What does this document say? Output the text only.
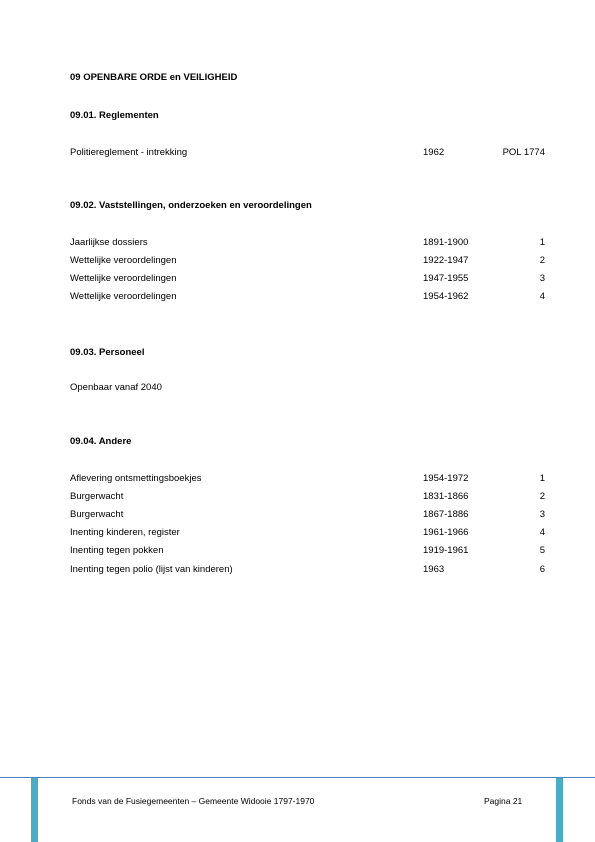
09 OPENBARE ORDE en VEILIGHEID
09.01. Reglementen
Politiereglement - intrekking	1962	POL 1774
09.02. Vaststellingen, onderzoeken en veroordelingen
Jaarlijkse dossiers	1891-1900	1
Wettelijke veroordelingen	1922-1947	2
Wettelijke veroordelingen	1947-1955	3
Wettelijke veroordelingen	1954-1962	4
09.03. Personeel
Openbaar vanaf 2040
09.04. Andere
Aflevering ontsmettingsboekjes	1954-1972	1
Burgerwacht	1831-1866	2
Burgerwacht	1867-1886	3
Inenting kinderen, register	1961-1966	4
Inenting tegen pokken	1919-1961	5
Inenting tegen polio (lijst van kinderen)	1963	6
Fonds van de Fusiegemeenten – Gemeente Widooie 1797-1970	Pagina 21
